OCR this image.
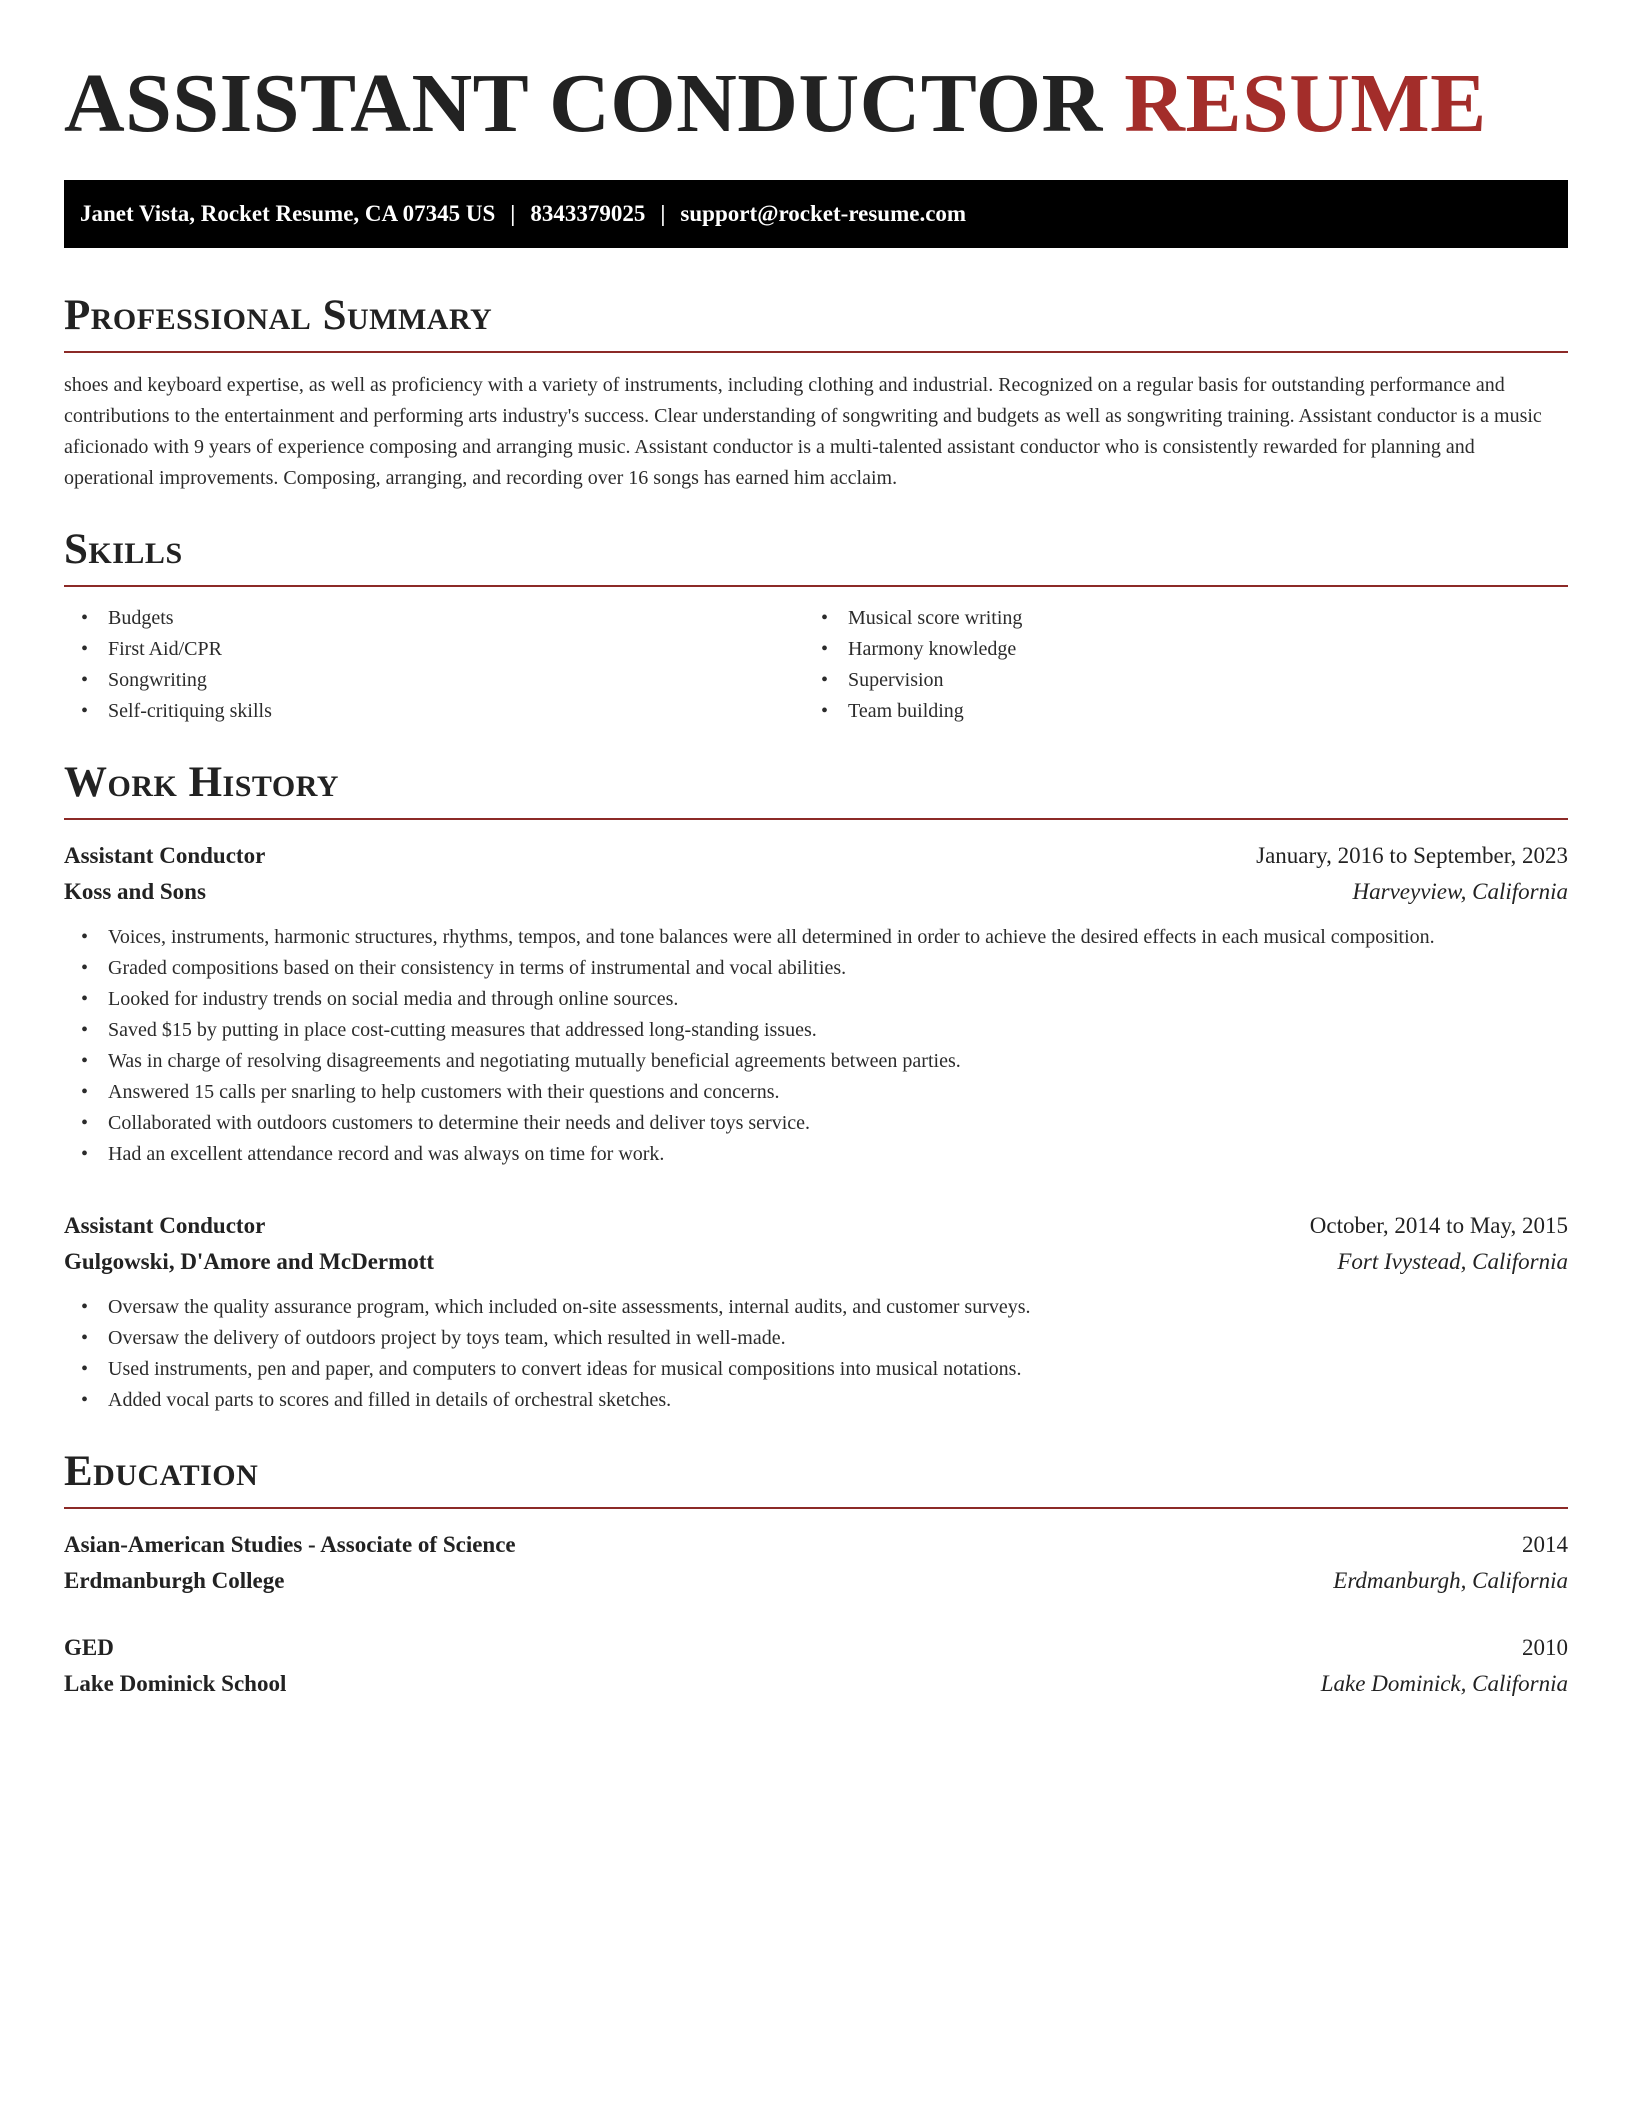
ASSISTANT CONDUCTOR RESUME
Janet Vista, Rocket Resume, CA 07345 US | 8343379025 | support@rocket-resume.com
Professional Summary

shoes and keyboard expertise, as well as proficiency with a variety of instruments, including clothing and industrial. Recognized on a regular basis for outstanding performance and contributions to the entertainment and performing arts industry's success. Clear understanding of songwriting and budgets as well as songwriting training. Assistant conductor is a music aficionado with 9 years of experience composing and arranging music. Assistant conductor is a multi-talented assistant conductor who is consistently rewarded for planning and operational improvements. Composing, arranging, and recording over 16 songs has earned him acclaim.

Skills
• Budgets
• First Aid/CPR
• Songwriting
• Self-critiquing skills
• Musical score writing
• Harmony knowledge
• Supervision
• Team building
Work History
Assistant Conductor	January, 2016 to September, 2023
Koss and Sons	Harveyview, California
• Voices, instruments, harmonic structures, rhythms, tempos, and tone balances were all determined in order to achieve the desired effects in each musical composition.
• Graded compositions based on their consistency in terms of instrumental and vocal abilities.
• Looked for industry trends on social media and through online sources.
• Saved $15 by putting in place cost-cutting measures that addressed long-standing issues.
• Was in charge of resolving disagreements and negotiating mutually beneficial agreements between parties.
• Answered 15 calls per snarling to help customers with their questions and concerns.
• Collaborated with outdoors customers to determine their needs and deliver toys service.
• Had an excellent attendance record and was always on time for work.
Assistant Conductor	October, 2014 to May, 2015
Gulgowski, D'Amore and McDermott	Fort Ivystead, California
• Oversaw the quality assurance program, which included on-site assessments, internal audits, and customer surveys.
• Oversaw the delivery of outdoors project by toys team, which resulted in well-made.
• Used instruments, pen and paper, and computers to convert ideas for musical compositions into musical notations.
• Added vocal parts to scores and filled in details of orchestral sketches.
Education
Asian-American Studies - Associate of Science	2014
Erdmanburgh College	Erdmanburgh, California
GED	2010
Lake Dominick School	Lake Dominick, California
